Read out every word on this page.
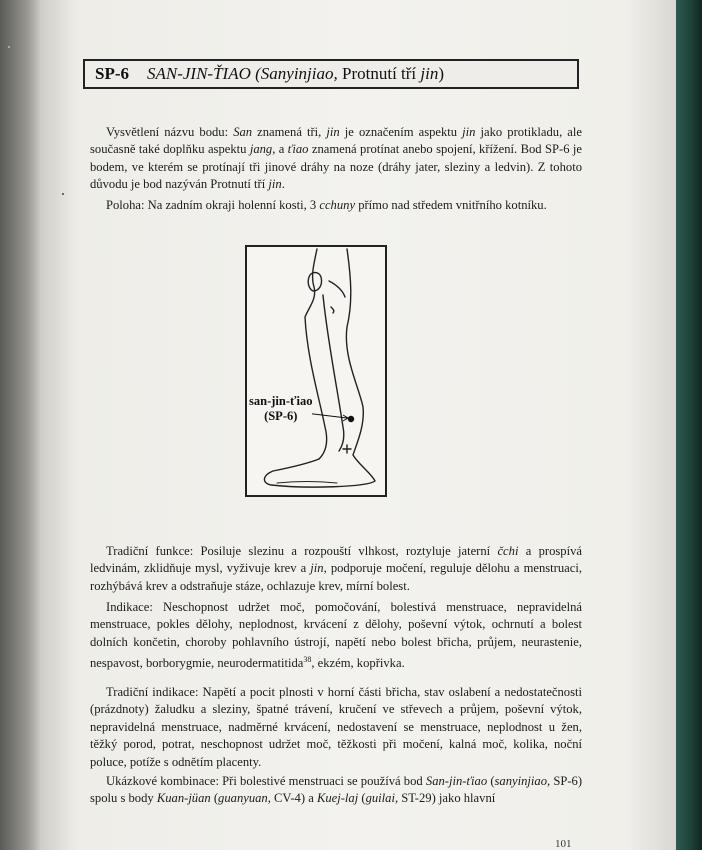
SP-6 SAN-JIN-ŤIAO (Sanyinjiao, Protnutí tří jin)

Vysvětlení názvu bodu: San znamená tři, jin je označením aspektu jin jako protikladu, ale současně také doplňku aspektu jang, a ťiao znamená protínat anebo spojení, křížení. Bod SP-6 je bodem, ve kterém se protínají tři jinové dráhy na noze (dráhy jater, sleziny a ledvin). Z tohoto důvodu je bod nazýván Protnutí tří jin.

Poloha: Na zadním okraji holenní kosti, 3 cchuny přímo nad středem vnitřního kotníku.

san-jin-ťiao
(SP-6)

Tradiční funkce: Posiluje slezinu a rozpouští vlhkost, roztyluje jaterní čchi a prospívá ledvinám, zklidňuje mysl, vyživuje krev a jin, podporuje močení, reguluje dělohu a menstruaci, rozhýbává krev a odstraňuje stáze, ochlazuje krev, mírní bolest.

Indikace: Neschopnost udržet moč, pomočování, bolestivá menstruace, nepravidelná menstruace, pokles dělohy, neplodnost, krvácení z dělohy, poševní výtok, ochrnutí a bolest dolních končetin, choroby pohlavního ústrojí, napětí nebo bolest břicha, průjem, neurastenie, nespavost, borborygmie, neurodermatitida$^{38}$, ekzém, kopřivka.

Tradiční indikace: Napětí a pocit plnosti v horní části břicha, stav oslabení a nedostatečnosti (prázdnoty) žaludku a sleziny, špatné trávení, kručení ve střevech a průjem, poševní výtok, nepravidelná menstruace, nadměrné krvácení, nedostavení se menstruace, neplodnost u žen, těžký porod, potrat, neschopnost udržet moč, těžkosti při močení, kalná moč, kolika, noční poluce, potíže s odnětím placenty.

Ukázkové kombinace: Při bolestivé menstruaci se používá bod San-jin-ťiao (sanyinjiao, SP-6) spolu s body Kuan-jüan (guanyuan, CV-4) a Kuej-laj (guilai, ST-29) jako hlavní

101
